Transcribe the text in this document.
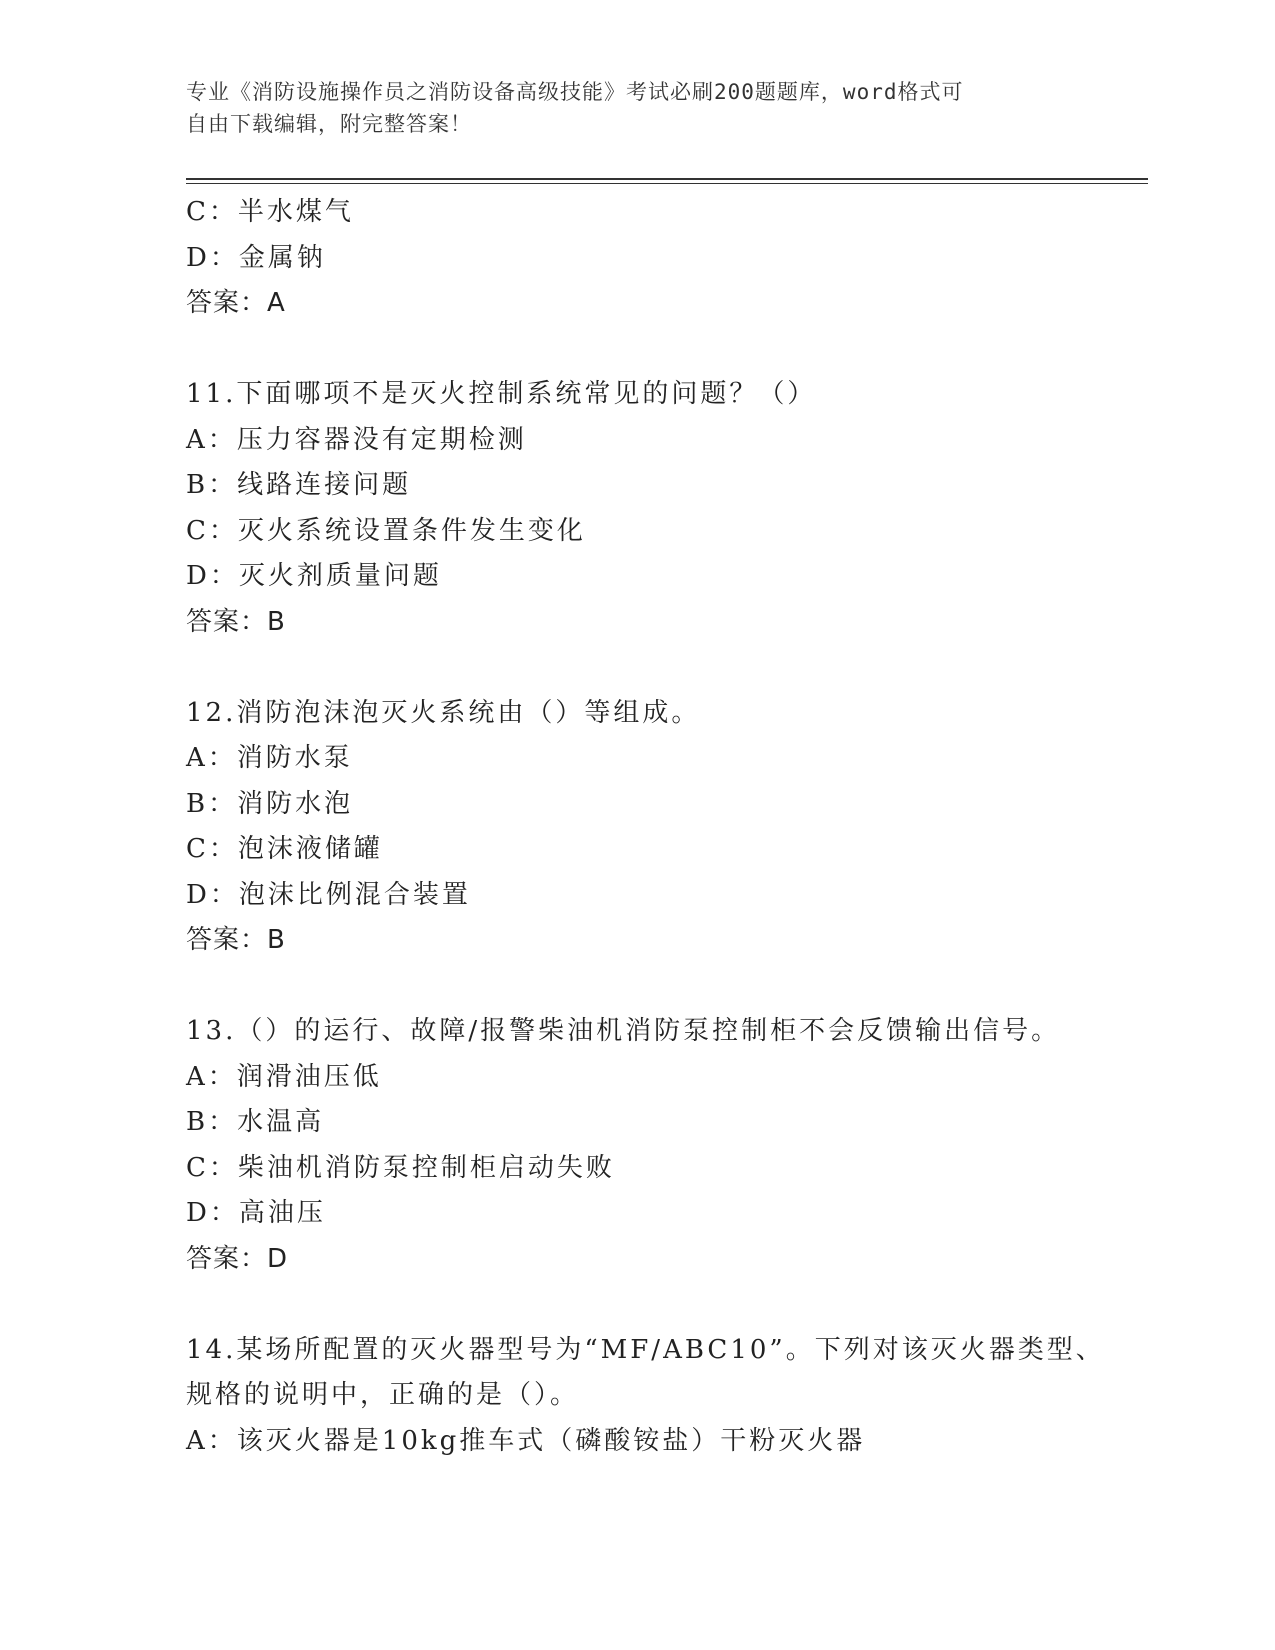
专业《消防设施操作员之消防设备高级技能》考试必刷200题题库，word格式可
自由下载编辑，附完整答案！
C：半水煤气
D：金属钠
答案：A
11.下面哪项不是灭火控制系统常见的问题？（）
A：压力容器没有定期检测
B：线路连接问题
C：灭火系统设置条件发生变化
D：灭火剂质量问题
答案：B
12.消防泡沫泡灭火系统由（）等组成。
A：消防水泵
B：消防水泡
C：泡沫液储罐
D：泡沫比例混合装置
答案：B
13.（）的运行、故障/报警柴油机消防泵控制柜不会反馈输出信号。
A：润滑油压低
B：水温高
C：柴油机消防泵控制柜启动失败
D：高油压
答案：D
14.某场所配置的灭火器型号为“MF/ABC10”。下列对该灭火器类型、
规格的说明中，正确的是（）。
A：该灭火器是10kg推车式（磷酸铵盐）干粉灭火器
